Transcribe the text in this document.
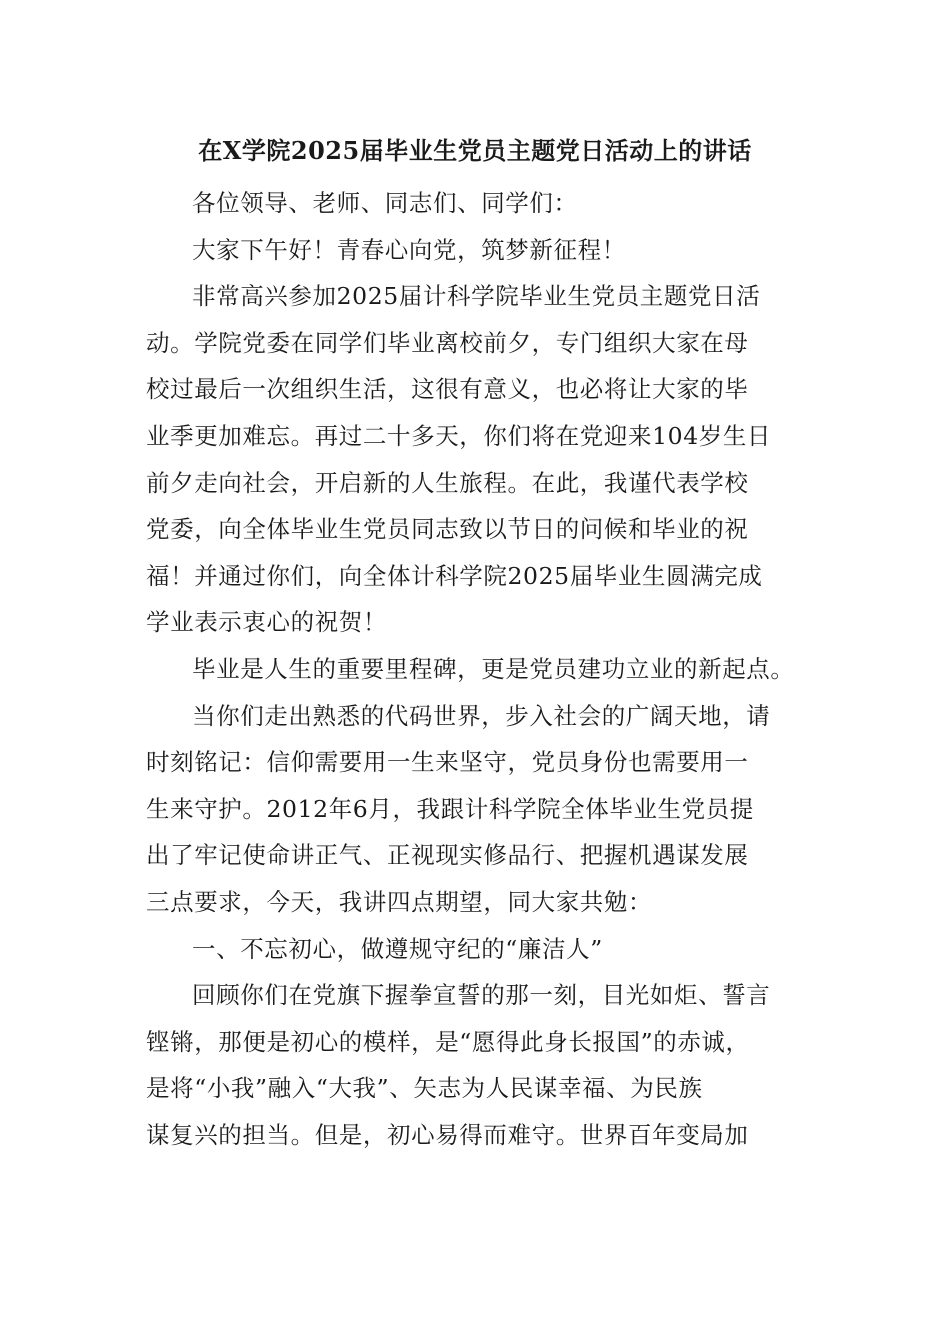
在X学院2025届毕业生党员主题党日活动上的讲话
各位领导、老师、同志们、同学们：
大家下午好！青春心向党，筑梦新征程！
非常高兴参加2025届计科学院毕业生党员主题党日活
动。学院党委在同学们毕业离校前夕，专门组织大家在母
校过最后一次组织生活，这很有意义，也必将让大家的毕
业季更加难忘。再过二十多天，你们将在党迎来104岁生日
前夕走向社会，开启新的人生旅程。在此，我谨代表学校
党委，向全体毕业生党员同志致以节日的问候和毕业的祝
福！并通过你们，向全体计科学院2025届毕业生圆满完成
学业表示衷心的祝贺！
毕业是人生的重要里程碑，更是党员建功立业的新起点。
当你们走出熟悉的代码世界，步入社会的广阔天地，请
时刻铭记：信仰需要用一生来坚守，党员身份也需要用一
生来守护。2012年6月，我跟计科学院全体毕业生党员提
出了牢记使命讲正气、正视现实修品行、把握机遇谋发展
三点要求，今天，我讲四点期望，同大家共勉：
一、不忘初心，做遵规守纪的“廉洁人”
回顾你们在党旗下握拳宣誓的那一刻，目光如炬、誓言
铿锵，那便是初心的模样，是“愿得此身长报国”的赤诚，
是将“小我”融入“大我”、矢志为人民谋幸福、为民族
谋复兴的担当。但是，初心易得而难守。世界百年变局加
